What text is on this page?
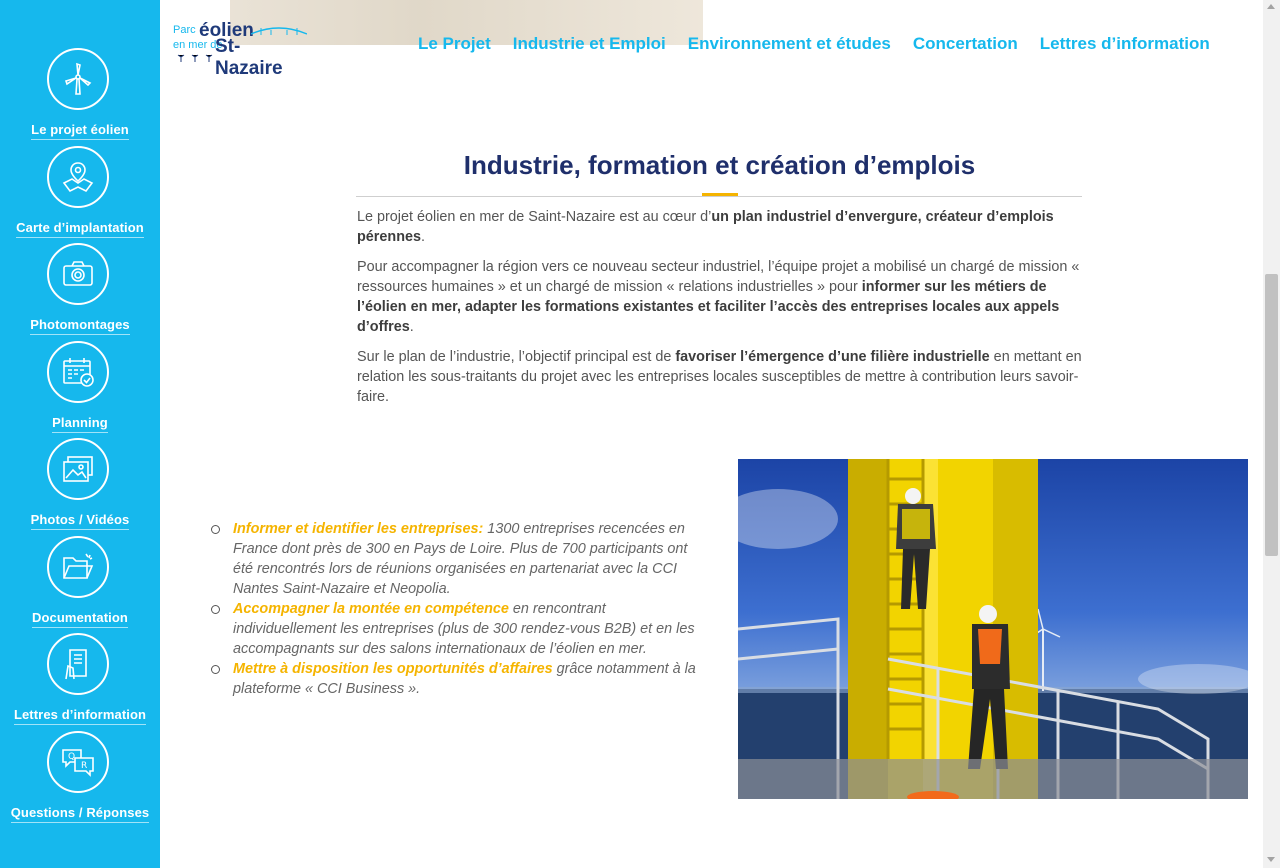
Le projet éolien
Carte d’implantation
Photomontages
Planning
Photos / Vidéos
Documentation
Lettres d’information
Q
R
Questions / Réponses
Parc éolien
en mer de
St-Nazaire
Le Projet Industrie et Emploi Environnement et études Concertation Lettres d’information
Industrie, formation et création d’emplois

Le projet éolien en mer de Saint-Nazaire est au cœur d’un plan industriel d’envergure, créateur d’emplois pérennes.

Pour accompagner la région vers ce nouveau secteur industriel, l’équipe projet a mobilisé un chargé de mission « ressources humaines » et un chargé de mission « relations industrielles » pour informer sur les métiers de l’éolien en mer, adapter les formations existantes et faciliter l’accès des entreprises locales aux appels d’offres.

Sur le plan de l’industrie, l’objectif principal est de favoriser l’émergence d’une filière industrielle en mettant en relation les sous-traitants du projet avec les entreprises locales susceptibles de mettre à contribution leurs savoir-faire.

Informer et identifier les entreprises: 1300 entreprises recencées en France dont près de 300 en Pays de Loire. Plus de 700 participants ont été rencontrés lors de réunions organisées en partenariat avec la CCI Nantes Saint-Nazaire et Neopolia.
Accompagner la montée en compétence en rencontrant individuellement les entreprises (plus de 300 rendez-vous B2B) et en les accompagnants sur des salons internationaux de l’éolien en mer.
Mettre à disposition les opportunités d’affaires grâce notamment à la plateforme « CCI Business ».
